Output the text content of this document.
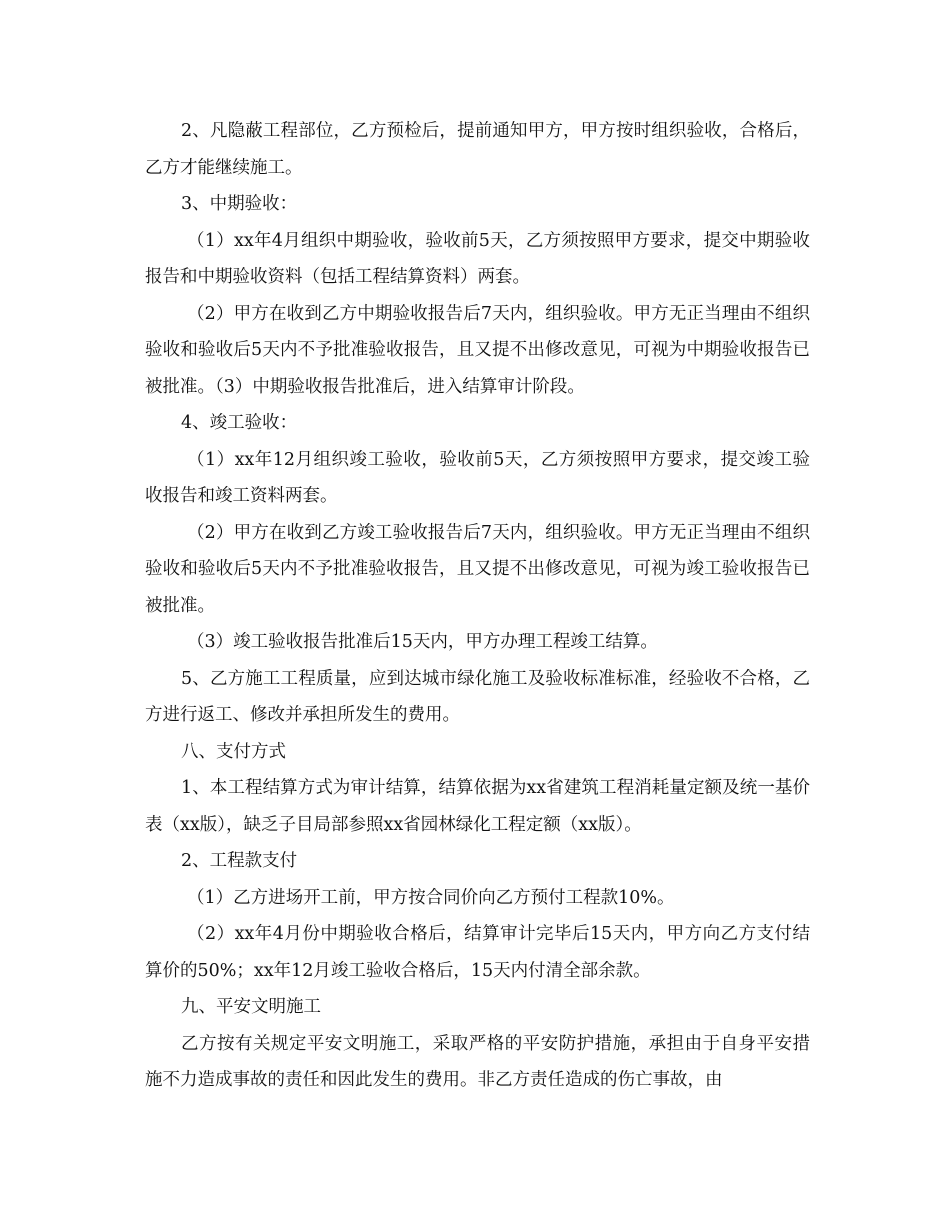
2、凡隐蔽工程部位，乙方预检后，提前通知甲方，甲方按时组织验收，合格后，乙方才能继续施工。

3、中期验收：

（1）xx年4月组织中期验收，验收前5天，乙方须按照甲方要求，提交中期验收报告和中期验收资料（包括工程结算资料）两套。

（2）甲方在收到乙方中期验收报告后7天内，组织验收。甲方无正当理由不组织验收和验收后5天内不予批准验收报告，且又提不出修改意见，可视为中期验收报告已被批准。（3）中期验收报告批准后，进入结算审计阶段。

4、竣工验收：

（1）xx年12月组织竣工验收，验收前5天，乙方须按照甲方要求，提交竣工验收报告和竣工资料两套。

（2）甲方在收到乙方竣工验收报告后7天内，组织验收。甲方无正当理由不组织验收和验收后5天内不予批准验收报告，且又提不出修改意见，可视为竣工验收报告已被批准。

（3）竣工验收报告批准后15天内，甲方办理工程竣工结算。

5、乙方施工工程质量，应到达城市绿化施工及验收标准标准，经验收不合格，乙方进行返工、修改并承担所发生的费用。

八、支付方式

1、本工程结算方式为审计结算，结算依据为xx省建筑工程消耗量定额及统一基价表（xx版），缺乏子目局部参照xx省园林绿化工程定额（xx版）。

2、工程款支付

（1）乙方进场开工前，甲方按合同价向乙方预付工程款10%。

（2）xx年4月份中期验收合格后，结算审计完毕后15天内，甲方向乙方支付结算价的50%；xx年12月竣工验收合格后，15天内付清全部余款。

九、平安文明施工

乙方按有关规定平安文明施工，采取严格的平安防护措施，承担由于自身平安措施不力造成事故的责任和因此发生的费用。非乙方责任造成的伤亡事故，由
